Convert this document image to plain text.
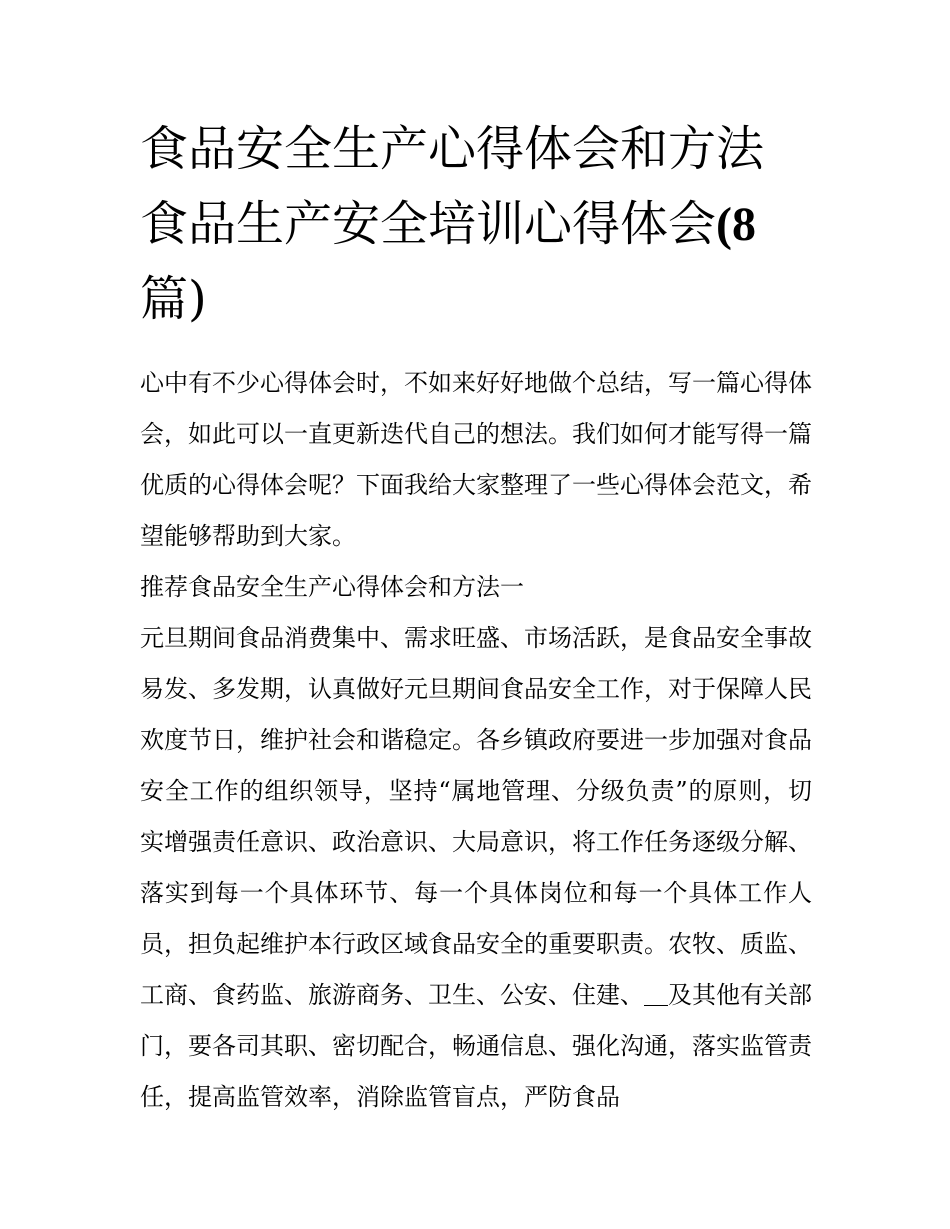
食品安全生产心得体会和方法
食品生产安全培训心得体会(8
篇)

心中有不少心得体会时，不如来好好地做个总结，写一篇心得体会，如此可以一直更新迭代自己的想法。我们如何才能写得一篇优质的心得体会呢？下面我给大家整理了一些心得体会范文，希望能够帮助到大家。

推荐食品安全生产心得体会和方法一

元旦期间食品消费集中、需求旺盛、市场活跃，是食品安全事故易发、多发期，认真做好元旦期间食品安全工作，对于保障人民欢度节日，维护社会和谐稳定。各乡镇政府要进一步加强对食品安全工作的组织领导，坚持“属地管理、分级负责”的原则，切实增强责任意识、政治意识、大局意识，将工作任务逐级分解、落实到每一个具体环节、每一个具体岗位和每一个具体工作人员，担负起维护本行政区域食品安全的重要职责。农牧、质监、工商、食药监、旅游商务、卫生、公安、住建、＿及其他有关部门，要各司其职、密切配合，畅通信息、强化沟通，落实监管责任，提高监管效率，消除监管盲点，严防食品
